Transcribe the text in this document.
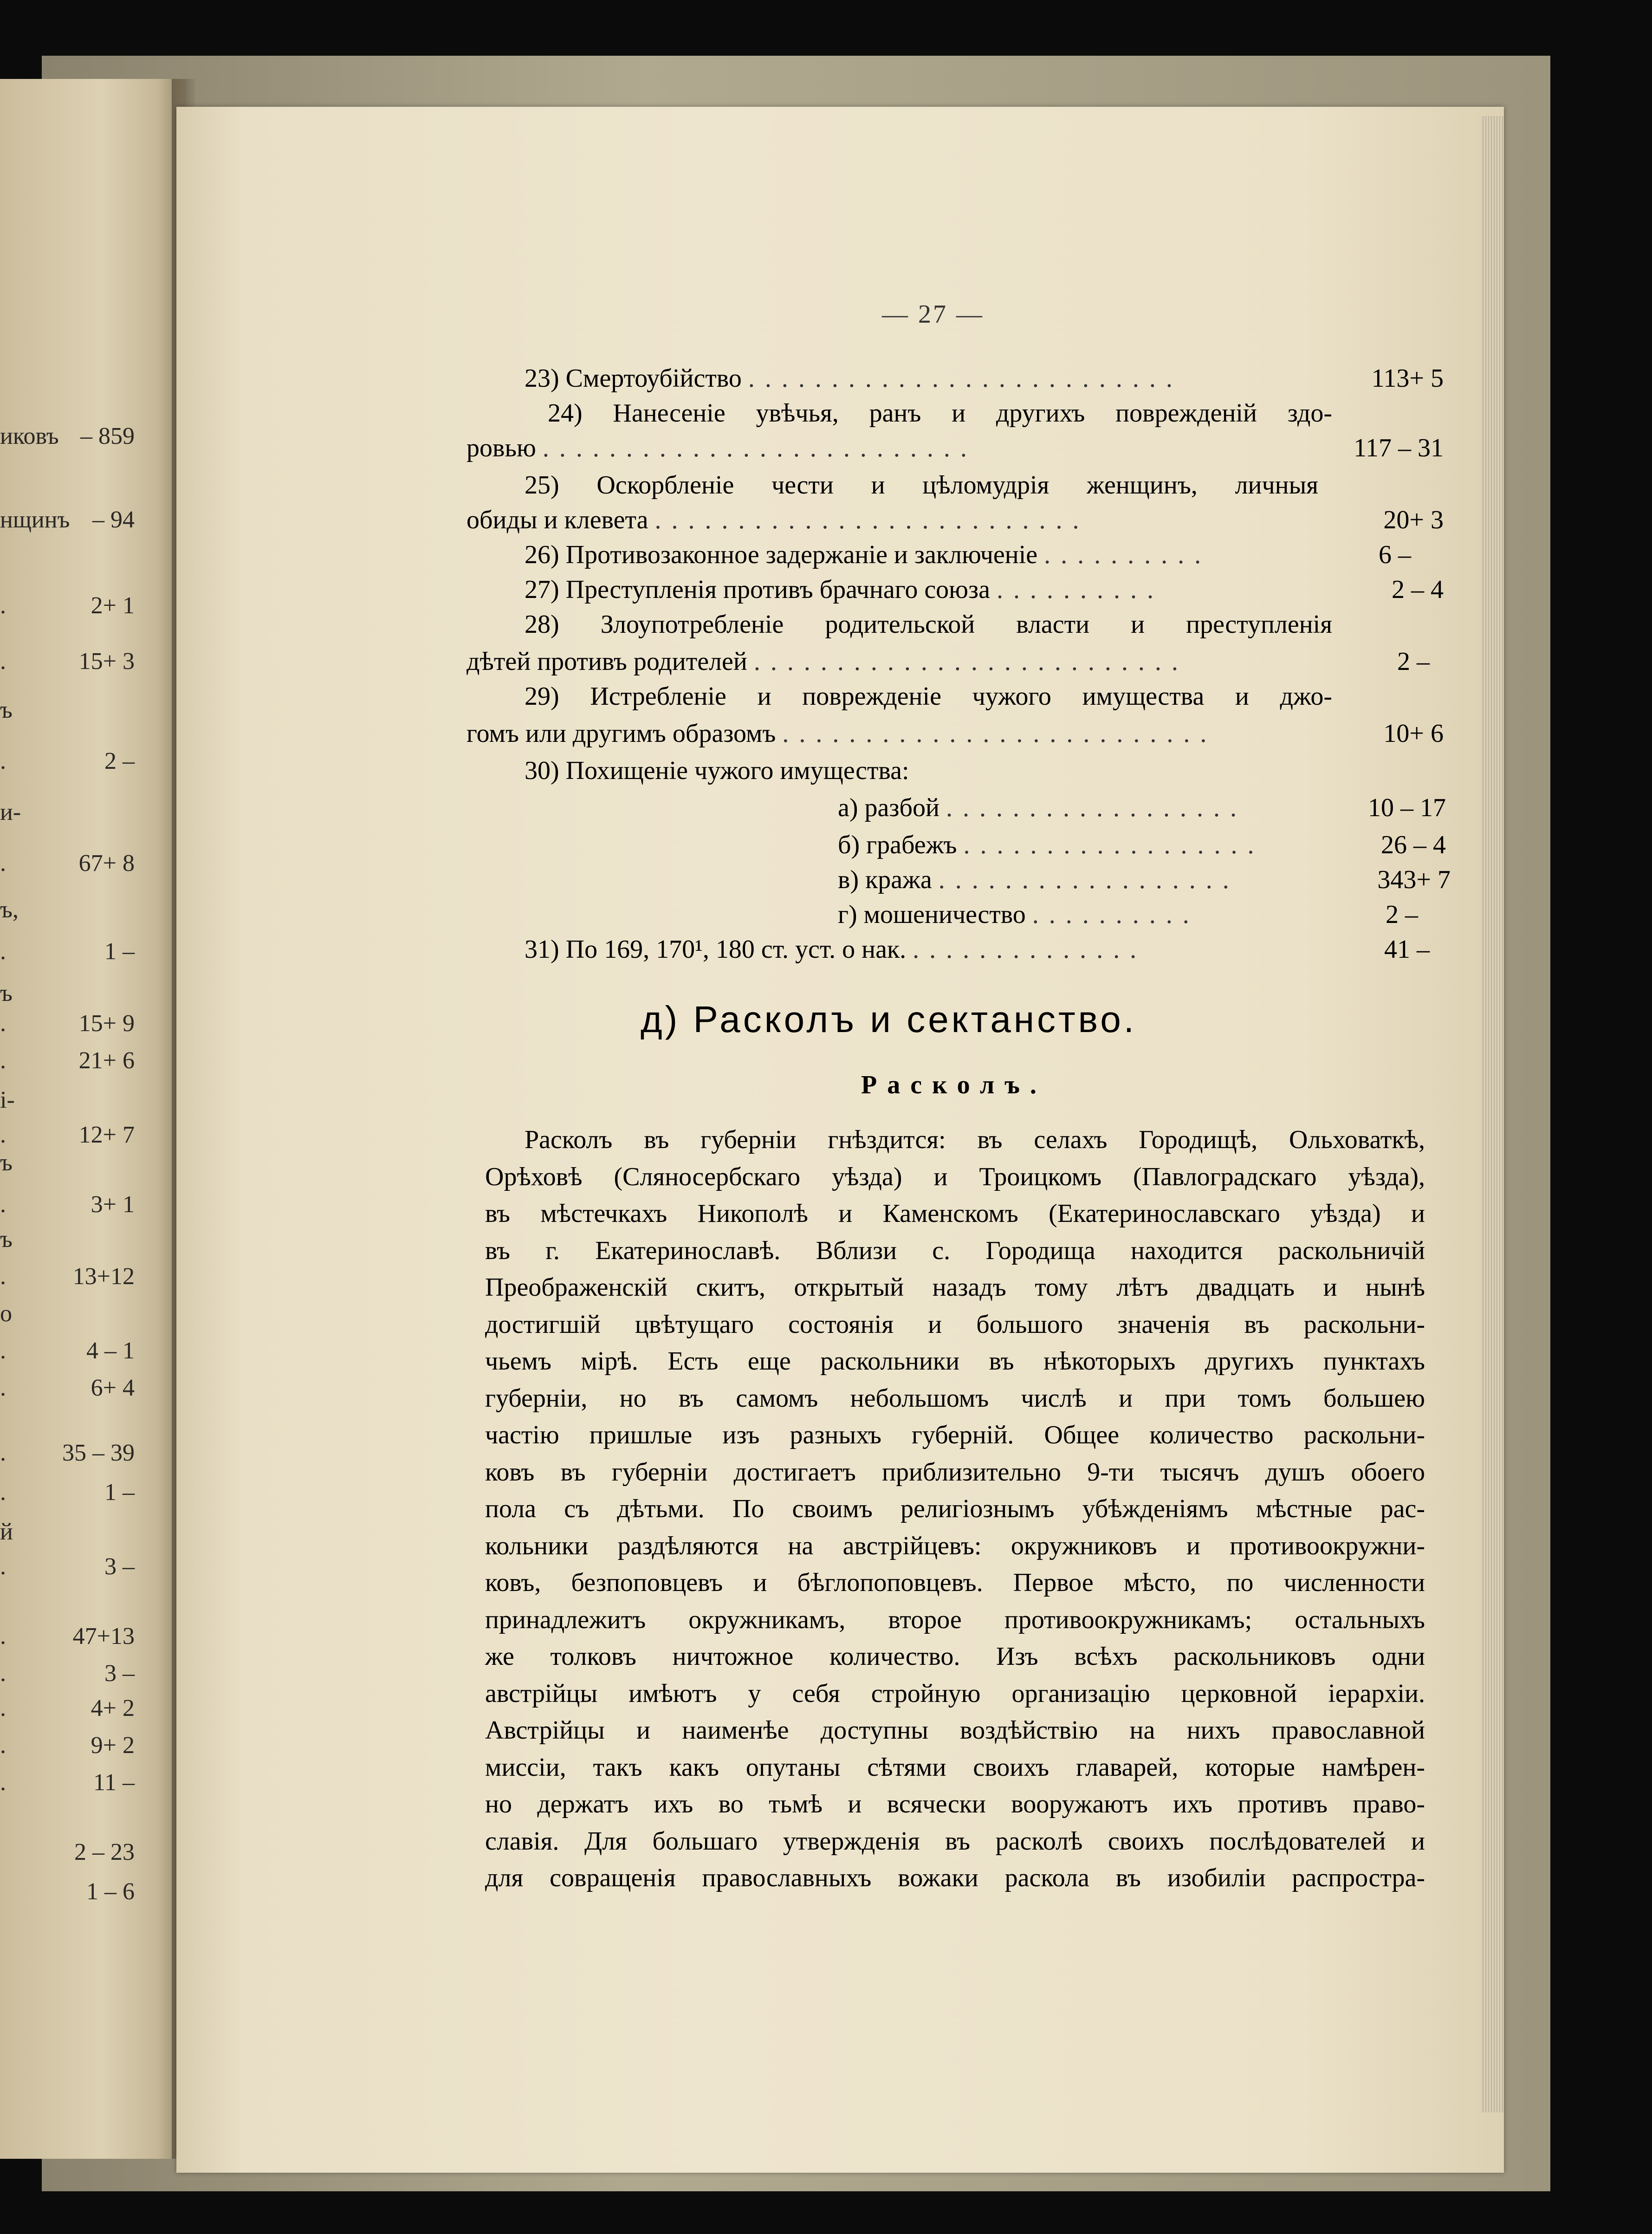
иковъ – 859
нщинъ – 94
.	2+ 1
.	15+ 3
ъ
.	2 –
и-
.	67+ 8
ъ,
.	1 –
ъ
.	15+ 9
.	21+ 6
і-
.	12+ 7
ъ
.	3+ 1
ъ
.	13+12
о
.	4 – 1
.	6+ 4
. 35 – 39
.	1 –
й
.	3 –
.	47+13
.	3 –
.	4+ 2
.	9+ 2
.	11 –
2 – 23
1 – 6
— 27 —
23) Смертоубійство ..........................	113+ 5
24) Нанесеніе увѣчья, ранъ и другихъ поврежденій здо-
ровью ..........................	117 – 31
25) Оскорбленіе чести и цѣломудрія женщинъ, личныя
обиды и клевета ..........................	20+ 3
26) Противозаконное задержаніе и заключеніе ..........	6 –
27) Преступленія противъ брачнаго союза ..........	2 – 4
28) Злоупотребленіе родительской власти и преступленія
дѣтей противъ родителей ..........................	2 –
29) Истребленіе и поврежденіе чужого имущества и джо-
гомъ или другимъ образомъ ..........................	10+ 6
30) Похищеніе чужого имущества:
а) разбой ..................	10 – 17
б) грабежъ ..................	26 – 4
в) кража ..................	343+ 7
г) мошеничество ..........	2 –
31) По 169, 170¹, 180 ст. уст. о нак. ..............	41 –
д) Расколъ и сектанство.
Расколъ.
Расколъ въ губерніи гнѣздится: въ селахъ Городищѣ, Ольховаткѣ,
Орѣховѣ (Сляносербскаго уѣзда) и Троицкомъ (Павлоградскаго уѣзда),
въ мѣстечкахъ Никополѣ и Каменскомъ (Екатеринославскаго уѣзда) и
въ г. Екатеринославѣ. Вблизи с. Городища находится раскольничій
Преображенскій скитъ, открытый назадъ тому лѣтъ двадцать и нынѣ
достигшій цвѣтущаго состоянія и большого значенія въ раскольни-
чьемъ мірѣ. Есть еще раскольники въ нѣкоторыхъ другихъ пунктахъ
губерніи, но въ самомъ небольшомъ числѣ и при томъ большею
частію пришлые изъ разныхъ губерній. Общее количество раскольни-
ковъ въ губерніи достигаетъ приблизительно 9-ти тысячъ душъ обоего
пола съ дѣтьми. По своимъ религіознымъ убѣжденіямъ мѣстные рас-
кольники раздѣляются на австрійцевъ: окружниковъ и противоокружни-
ковъ, безпоповцевъ и бѣглопоповцевъ. Первое мѣсто, по численности
принадлежитъ окружникамъ, второе противоокружникамъ; остальныхъ
же толковъ ничтожное количество. Изъ всѣхъ раскольниковъ одни
австрійцы имѣютъ у себя стройную организацію церковной іерархіи.
Австрійцы и наименѣе доступны воздѣйствію на нихъ православной
миссіи, такъ какъ опутаны сѣтями своихъ главарей, которые намѣрен-
но держатъ ихъ во тьмѣ и всячески вооружаютъ ихъ противъ право-
славія. Для большаго утвержденія въ расколѣ своихъ послѣдователей и
для совращенія православныхъ вожаки раскола въ изобиліи распростра-
